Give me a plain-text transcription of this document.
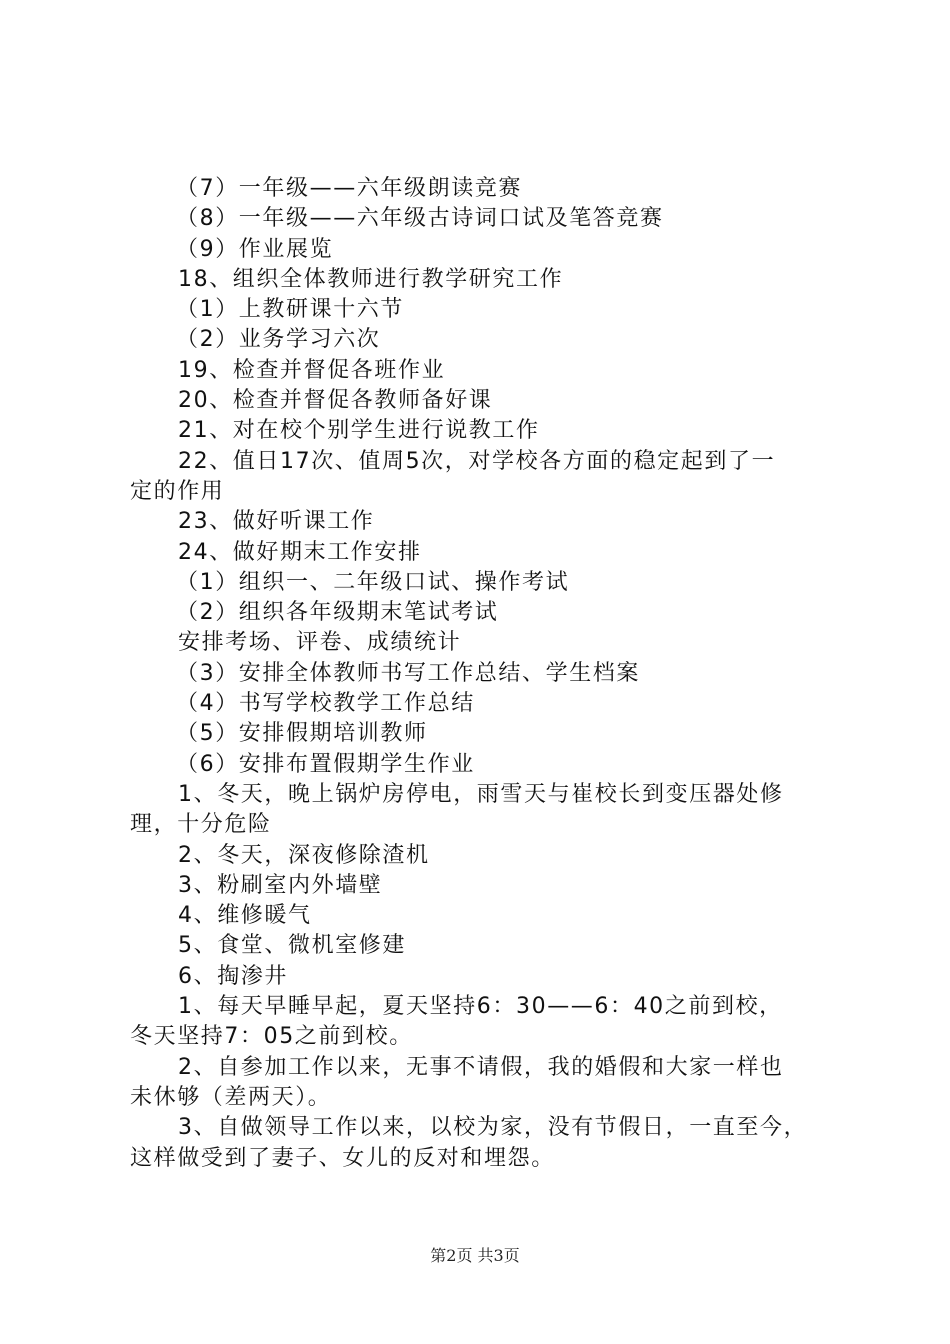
（7）一年级——六年级朗读竞赛
（8）一年级——六年级古诗词口试及笔答竞赛
（9）作业展览
18、组织全体教师进行教学研究工作
（1）上教研课十六节
（2）业务学习六次
19、检查并督促各班作业
20、检查并督促各教师备好课
21、对在校个别学生进行说教工作
22、值日17次、值周5次，对学校各方面的稳定起到了一
定的作用
23、做好听课工作
24、做好期末工作安排
（1）组织一、二年级口试、操作考试
（2）组织各年级期末笔试考试
安排考场、评卷、成绩统计
（3）安排全体教师书写工作总结、学生档案
（4）书写学校教学工作总结
（5）安排假期培训教师
（6）安排布置假期学生作业
1、冬天，晚上锅炉房停电，雨雪天与崔校长到变压器处修
理，十分危险
2、冬天，深夜修除渣机
3、粉刷室内外墙壁
4、维修暖气
5、食堂、微机室修建
6、掏渗井
1、每天早睡早起，夏天坚持6：30——6：40之前到校，
冬天坚持7：05之前到校。
2、自参加工作以来，无事不请假，我的婚假和大家一样也
未休够（差两天）。
3、自做领导工作以来，以校为家，没有节假日，一直至今，
这样做受到了妻子、女儿的反对和埋怨。
第2页 共3页
